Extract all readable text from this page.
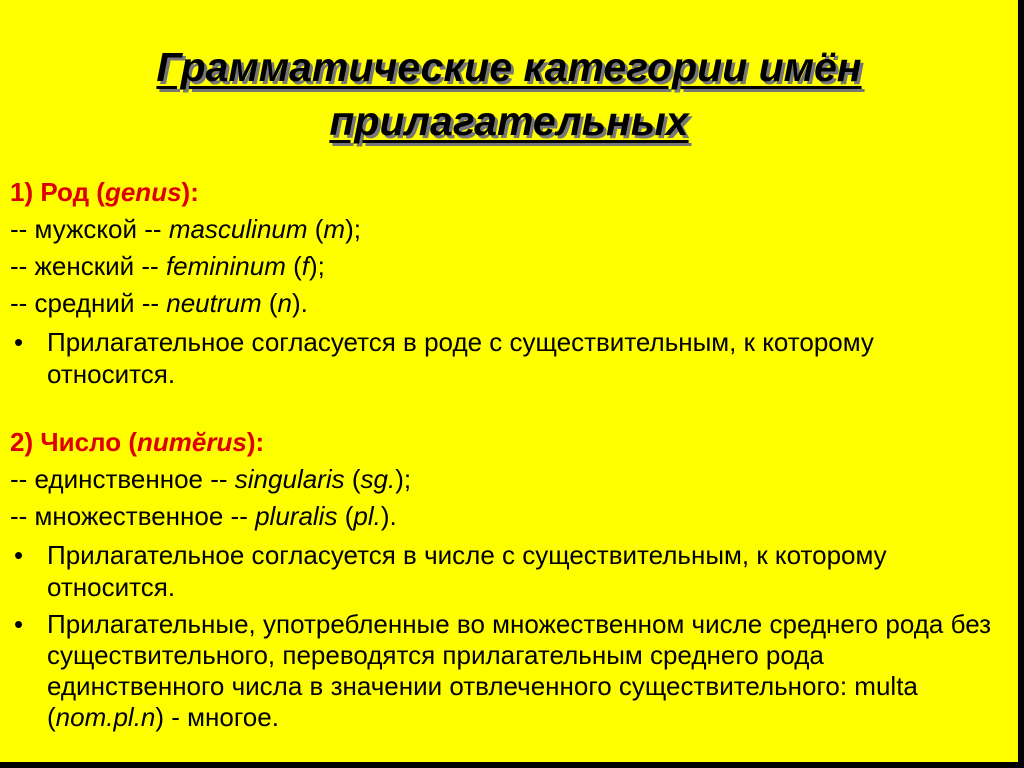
Грамматические категории имён
прилагательных
1) Род (genus):
-- мужской -- masculinum (m);
-- женский -- femininum (f);
-- средний -- neutrum (n).
• Прилагательное согласуется в роде с существительным, к которому относится.
2) Число (numĕrus):
-- единственное -- singularis (sg.);
-- множественное -- pluralis (pl.).
• Прилагательное согласуется в числе с существительным, к которому относится.
• Прилагательные, употребленные во множественном числе среднего рода без существительного, переводятся прилагательным среднего рода единственного числа в значении отвлеченного существительного: multa (nom.pl.n) - многое.
